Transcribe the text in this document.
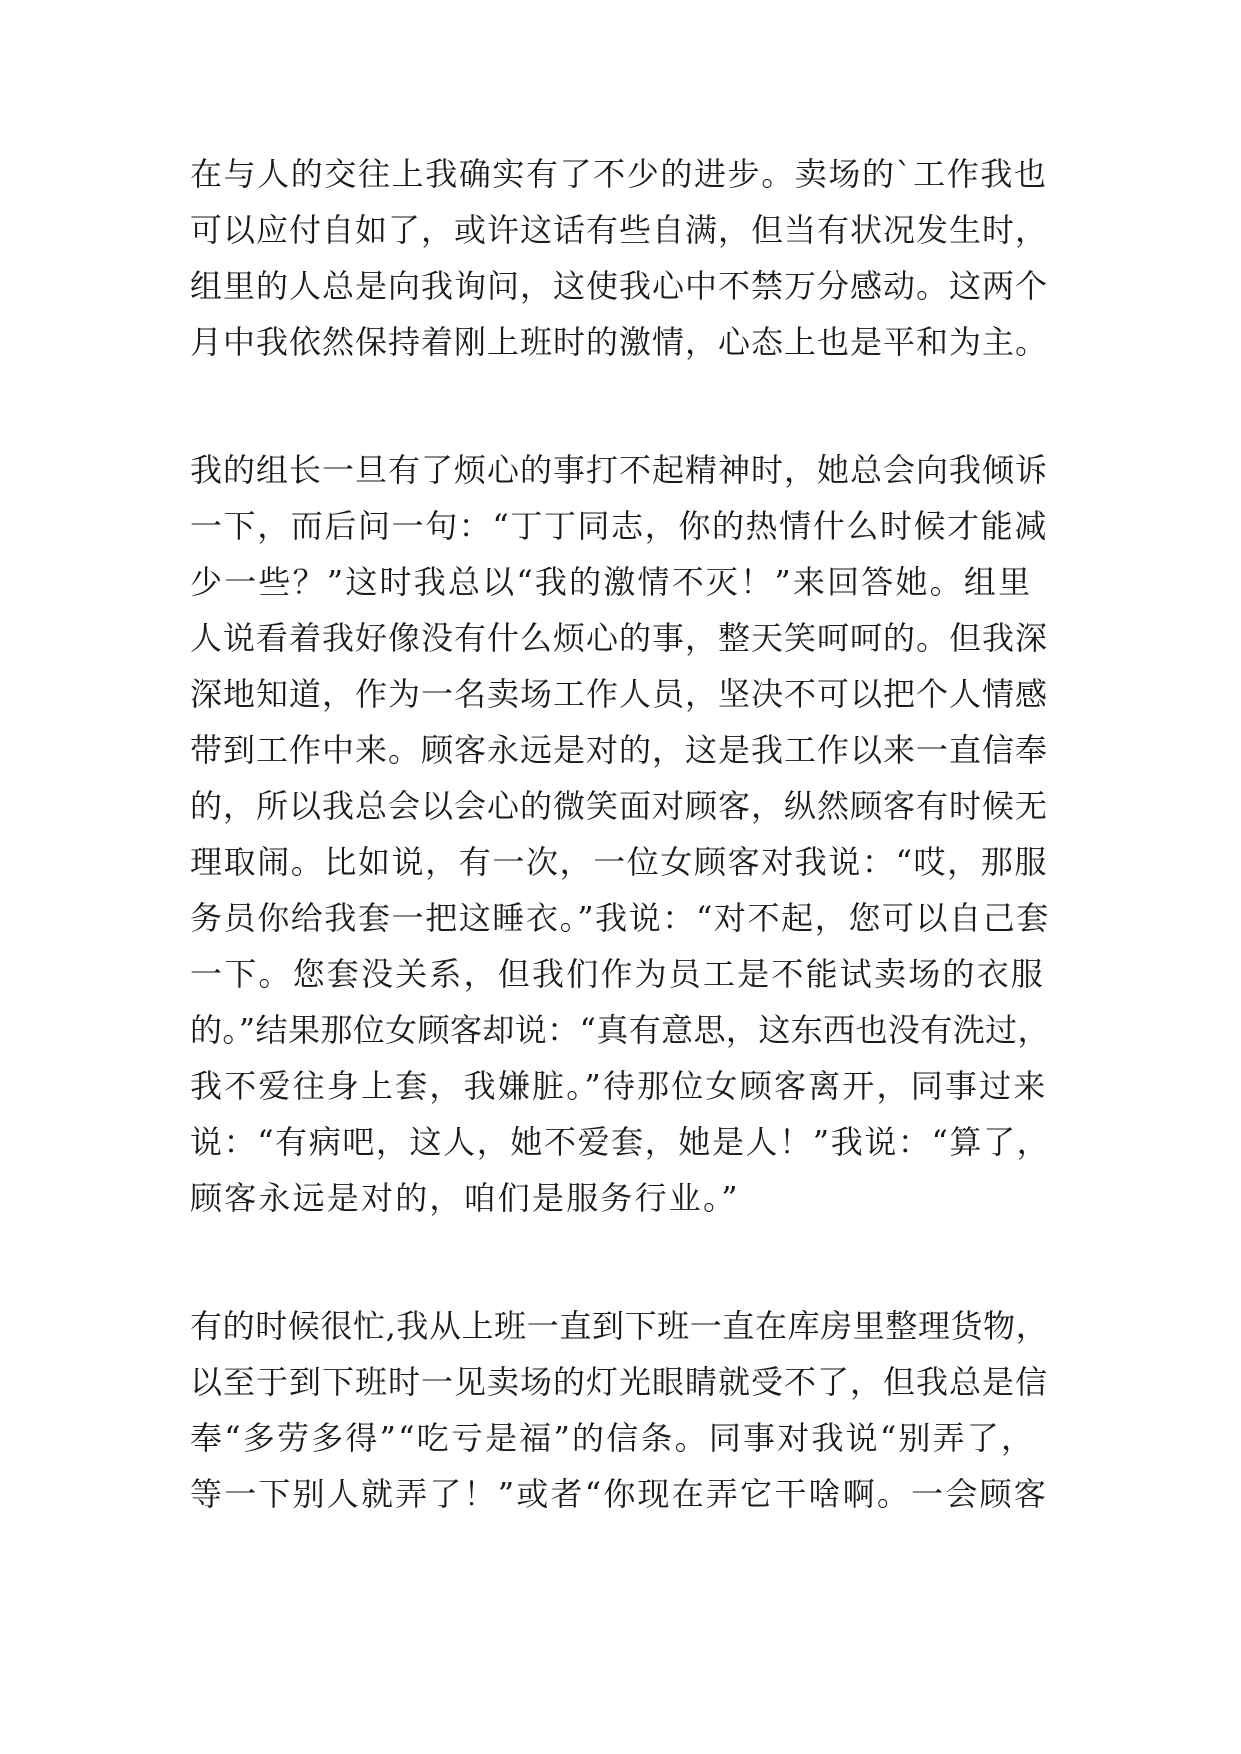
在与人的交往上我确实有了不少的进步。卖场的`工作我也
可以应付自如了，或许这话有些自满，但当有状况发生时，
组里的人总是向我询问，这使我心中不禁万分感动。这两个
月中我依然保持着刚上班时的激情，心态上也是平和为主。
我的组长一旦有了烦心的事打不起精神时，她总会向我倾诉
一下，而后问一句：“丁丁同志，你的热情什么时候才能减
少一些？”这时我总以“我的激情不灭！”来回答她。组里
人说看着我好像没有什么烦心的事，整天笑呵呵的。但我深
深地知道，作为一名卖场工作人员，坚决不可以把个人情感
带到工作中来。顾客永远是对的，这是我工作以来一直信奉
的，所以我总会以会心的微笑面对顾客，纵然顾客有时候无
理取闹。比如说，有一次，一位女顾客对我说：“哎，那服
务员你给我套一把这睡衣。”我说：“对不起，您可以自己套
一下。您套没关系，但我们作为员工是不能试卖场的衣服
的。”结果那位女顾客却说：“真有意思，这东西也没有洗过，
我不爱往身上套，我嫌脏。”待那位女顾客离开，同事过来
说：“有病吧，这人，她不爱套，她是人！”我说：“算了，
顾客永远是对的，咱们是服务行业。”
有的时候很忙,我从上班一直到下班一直在库房里整理货物，
以至于到下班时一见卖场的灯光眼睛就受不了，但我总是信
奉“多劳多得”“吃亏是福”的信条。同事对我说“别弄了，
等一下别人就弄了！”或者“你现在弄它干啥啊。一会顾客
